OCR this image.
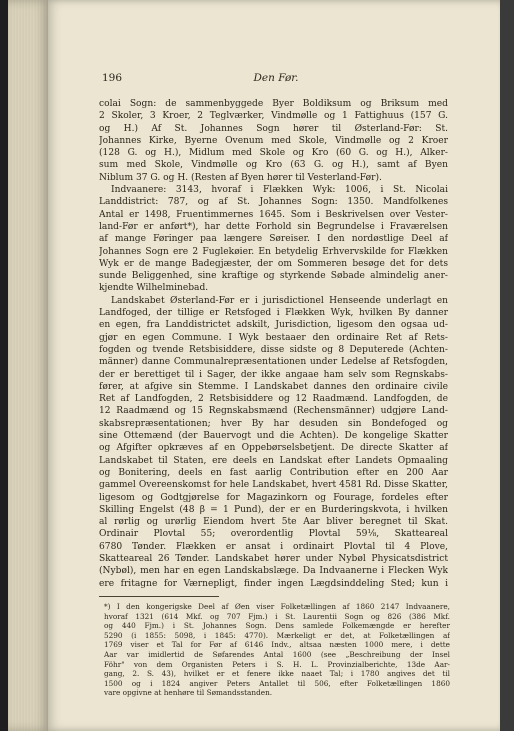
196	Den Før.
colai Sogn: de sammenbyggede Byer Boldiksum og Briksum med
2 Skoler, 3 Kroer, 2 Teglværker, Vindmølle og 1 Fattighuus (157 G.
og H.) Af St. Johannes Sogn hører til Østerland-Før: St.
Johannes Kirke, Byerne Ovenum med Skole, Vindmølle og 2 Kroer
(128 G. og H.), Midlum med Skole og Kro (60 G. og H.), Alker-
sum med Skole, Vindmølle og Kro (63 G. og H.), samt af Byen
Niblum 37 G. og H. (Resten af Byen hører til Vesterland-Før).
Indvaanere: 3143, hvoraf i Flækken Wyk: 1006, i St. Nicolai
Landdistrict: 787, og af St. Johannes Sogn: 1350. Mandfolkenes
Antal er 1498, Fruentimmernes 1645. Som i Beskrivelsen over Vester-
land-Før er anført*), har dette Forhold sin Begrundelse i Fraværelsen
af mange Føringer paa længere Søreiser. I den nordøstlige Deel af
Johannes Sogn ere 2 Fuglekøier. En betydelig Erhvervskilde for Flækken
Wyk er de mange Badegjæster, der om Sommeren besøge det for dets
sunde Beliggenhed, sine kraftige og styrkende Søbade almindelig aner-
kjendte Wilhelminebad.
Landskabet Østerland-Før er i jurisdictionel Henseende underlagt en
Landfoged, der tillige er Retsfoged i Flækken Wyk, hvilken By danner
en egen, fra Landdistrictet adskilt, Jurisdiction, ligesom den ogsaa ud-
gjør en egen Commune. I Wyk bestaaer den ordinaire Ret af Rets-
fogden og tvende Retsbisiddere, disse sidste og 8 Deputerede (Achten-
männer) danne Communalrepræsentationen under Ledelse af Retsfogden,
der er berettiget til i Sager, der ikke angaae ham selv som Regnskabs-
fører, at afgive sin Stemme. I Landskabet dannes den ordinaire civile
Ret af Landfogden, 2 Retsbisiddere og 12 Raadmænd. Landfogden, de
12 Raadmænd og 15 Regnskabsmænd (Rechensmänner) udgjøre Land-
skabsrepræsentationen; hver By har desuden sin Bondefoged og
sine Ottemænd (der Bauervogt und die Achten). De kongelige Skatter
og Afgifter opkræves af en Oppebørselsbetjent. De directe Skatter af
Landskabet til Staten, ere deels en Landskat efter Landets Opmaaling
og Bonitering, deels en fast aarlig Contribution efter en 200 Aar
gammel Overeenskomst for hele Landskabet, hvert 4581 Rd. Disse Skatter,
ligesom og Godtgjørelse for Magazinkorn og Fourage, fordeles efter
Skilling Engelst (48 β = 1 Pund), der er en Burderingskvota, i hvilken
al rørlig og urørlig Eiendom hvert 5te Aar bliver beregnet til Skat.
Ordinair Plovtal 55; overordentlig Plovtal 59⅛, Skatteareal
6780 Tønder. Flækken er ansat i ordinairt Plovtal til 4 Plove,
Skatteareal 26 Tønder. Landskabet hører under Nybøl Physicatsdistrict
(Nybøl), men har en egen Landskabslæge. Da Indvaanerne i Flecken Wyk
ere fritagne for Værnepligt, finder ingen Lægdsinddeling Sted; kun i
*) I den kongerigske Deel af Øen viser Folketællingen af 1860 2147 Indvaanere,
hvoraf 1321 (614 Mkf. og 707 Fjm.) i St. Laurentii Sogn og 826 (386 Mkf.
og 440 Fjm.) i St. Johannes Sogn. Dens samlede Folkemængde er herefter
5290 (i 1855: 5098, i 1845: 4770). Mærkeligt er det, at Folketællingen af
1769 viser et Tal for Før af 6146 Indv., altsaa næsten 1000 mere, i dette
Aar var imidlertid de Søfarendes Antal 1600 (see „Beschreibung der Insel
Föhr" von dem Organisten Peters i S. H. L. Provinzialberichte, 13de Aar-
gang, 2. S. 43), hvilket er et fenere ikke naaet Tal; i 1780 angives det til
1500 og i 1824 angiver Peters Antallet til 506, efter Folketællingen 1860
vare opgivne at henhøre til Sømandsstanden.
